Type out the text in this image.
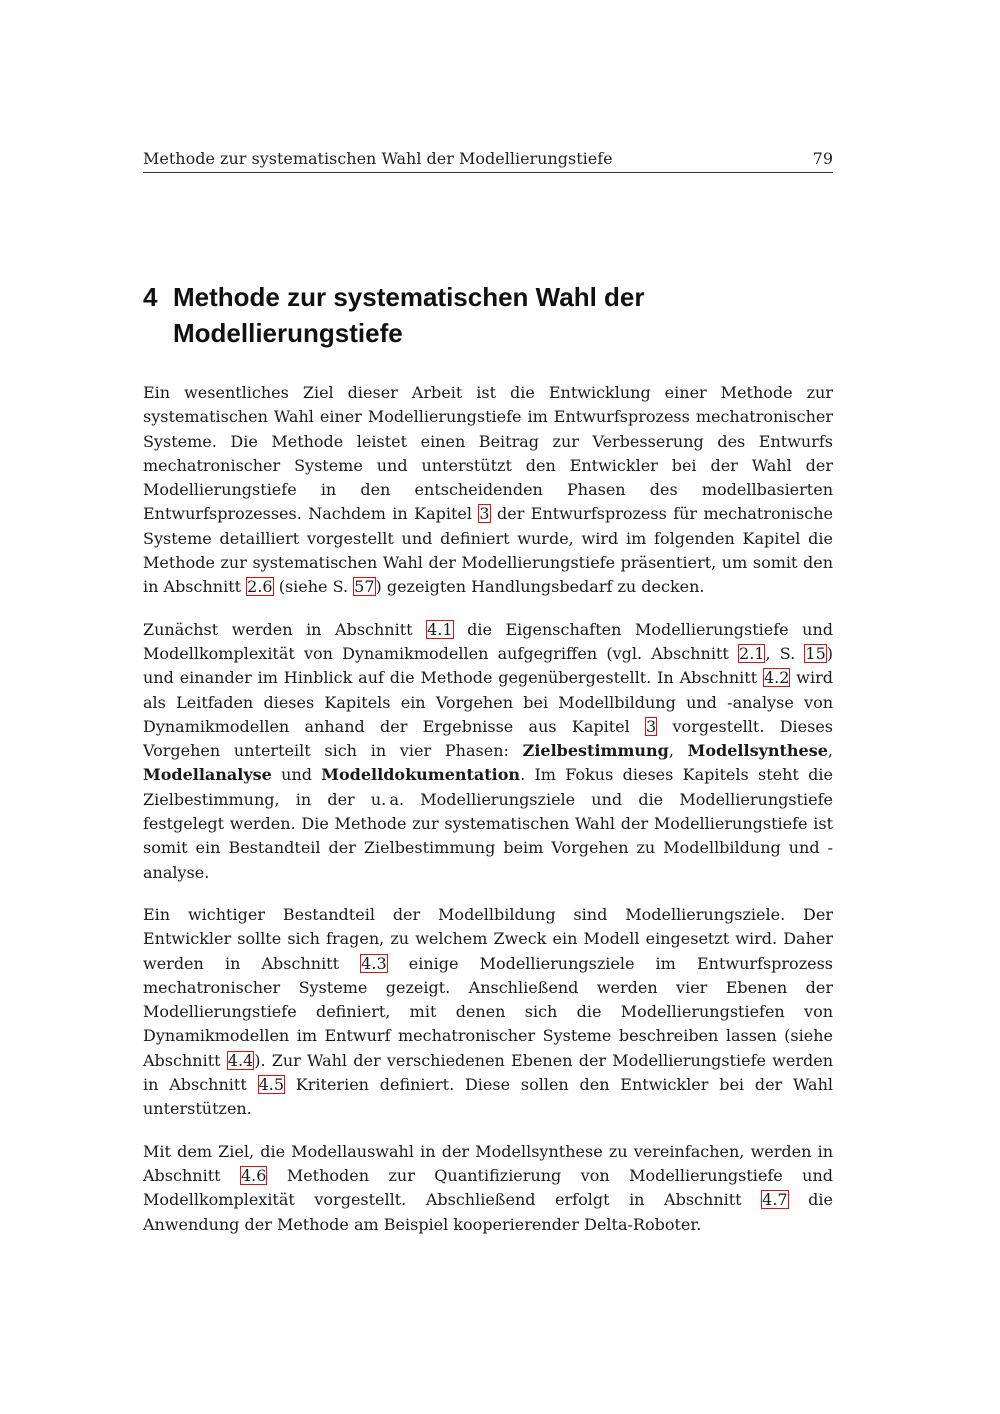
Methode zur systematischen Wahl der Modellierungstiefe	79
4 Methode zur systematischen Wahl der
Modellierungstiefe

Ein wesentliches Ziel dieser Arbeit ist die Entwicklung einer Methode zur systematischen Wahl einer Modellierungstiefe im Entwurfsprozess mechatronischer Systeme. Die Methode leistet einen Beitrag zur Verbesserung des Entwurfs mechatronischer Systeme und unterstützt den Entwickler bei der Wahl der Modellierungstiefe in den entscheidenden Phasen des modellbasierten Entwurfsprozesses. Nachdem in Kapitel 3 der Entwurfsprozess für mechatronische Systeme detailliert vorgestellt und definiert wurde, wird im folgenden Kapitel die Methode zur systematischen Wahl der Modellierungstiefe präsentiert, um somit den in Abschnitt 2.6 (siehe S. 57) gezeigten Handlungsbedarf zu decken.

Zunächst werden in Abschnitt 4.1 die Eigenschaften Modellierungstiefe und Modellkomplexität von Dynamikmodellen aufgegriffen (vgl. Abschnitt 2.1, S. 15) und einander im Hinblick auf die Methode gegenübergestellt. In Abschnitt 4.2 wird als Leitfaden dieses Kapitels ein Vorgehen bei Modellbildung und -analyse von Dynamikmodellen anhand der Ergebnisse aus Kapitel 3 vorgestellt. Dieses Vorgehen unterteilt sich in vier Phasen: Zielbestimmung, Modellsynthese, Modellanalyse und Modelldokumentation. Im Fokus dieses Kapitels steht die Zielbestimmung, in der u. a. Modellierungsziele und die Modellierungstiefe festgelegt werden. Die Methode zur systematischen Wahl der Modellierungstiefe ist somit ein Bestandteil der Zielbestimmung beim Vorgehen zu Modellbildung und -analyse.

Ein wichtiger Bestandteil der Modellbildung sind Modellierungsziele. Der Entwickler sollte sich fragen, zu welchem Zweck ein Modell eingesetzt wird. Daher werden in Abschnitt 4.3 einige Modellierungsziele im Entwurfsprozess mechatronischer Systeme gezeigt. Anschließend werden vier Ebenen der Modellierungstiefe definiert, mit denen sich die Modellierungstiefen von Dynamikmodellen im Entwurf mechatronischer Systeme beschreiben lassen (siehe Abschnitt 4.4). Zur Wahl der verschiedenen Ebenen der Modellierungstiefe werden in Abschnitt 4.5 Kriterien definiert. Diese sollen den Entwickler bei der Wahl unterstützen.

Mit dem Ziel, die Modellauswahl in der Modellsynthese zu vereinfachen, werden in Abschnitt 4.6 Methoden zur Quantifizierung von Modellierungstiefe und Modellkomplexität vorgestellt. Abschließend erfolgt in Abschnitt 4.7 die Anwendung der Methode am Beispiel kooperierender Delta-Roboter.
